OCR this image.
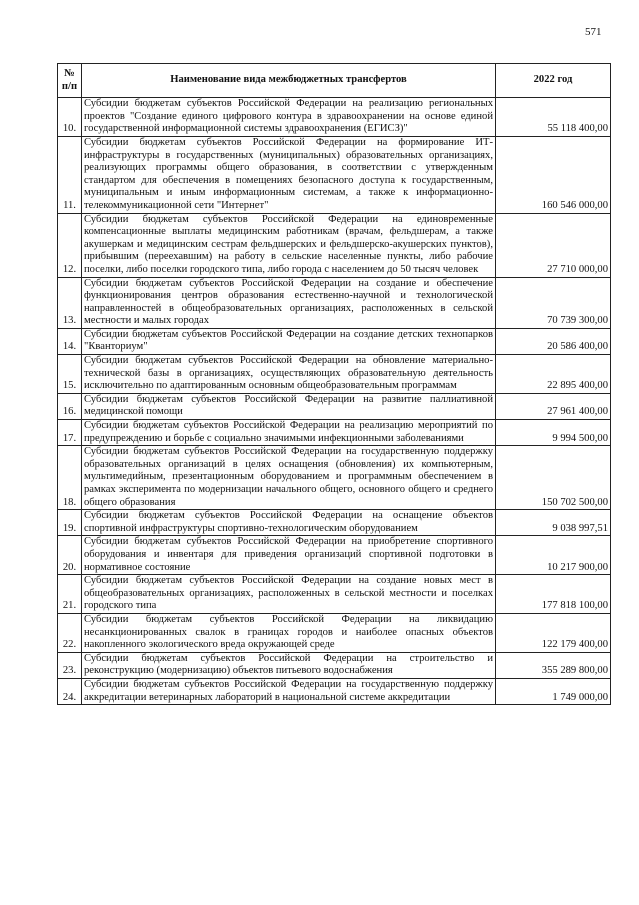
571
№ п/п	Наименование вида межбюджетных трансфертов	2022 год
10.	Субсидии бюджетам субъектов Российской Федерации на реализацию региональных проектов "Создание единого цифрового контура в здравоохранении на основе единой государственной информационной системы здравоохранения (ЕГИСЗ)"	55 118 400,00
11.	Субсидии бюджетам субъектов Российской Федерации на формирование ИТ-инфраструктуры в государственных (муниципальных) образовательных организациях, реализующих программы общего образования, в соответствии с утвержденным стандартом для обеспечения в помещениях безопасного доступа к государственным, муниципальным и иным информационным системам, а также к информационно-телекоммуникационной сети "Интернет"	160 546 000,00
12.	Субсидии бюджетам субъектов Российской Федерации на единовременные компенсационные выплаты медицинским работникам (врачам, фельдшерам, а также акушеркам и медицинским сестрам фельдшерских и фельдшерско-акушерских пунктов), прибывшим (переехавшим) на работу в сельские населенные пункты, либо рабочие поселки, либо поселки городского типа, либо города с населением до 50 тысяч человек	27 710 000,00
13.	Субсидии бюджетам субъектов Российской Федерации на создание и обеспечение функционирования центров образования естественно-научной и технологической направленностей в общеобразовательных организациях, расположенных в сельской местности и малых городах	70 739 300,00
14.	Субсидии бюджетам субъектов Российской Федерации на создание детских технопарков "Кванториум"	20 586 400,00
15.	Субсидии бюджетам субъектов Российской Федерации на обновление материально-технической базы в организациях, осуществляющих образовательную деятельность исключительно по адаптированным основным общеобразовательным программам	22 895 400,00
16.	Субсидии бюджетам субъектов Российской Федерации на развитие паллиативной медицинской помощи	27 961 400,00
17.	Субсидии бюджетам субъектов Российской Федерации на реализацию мероприятий по предупреждению и борьбе с социально значимыми инфекционными заболеваниями	9 994 500,00
18.	Субсидии бюджетам субъектов Российской Федерации на государственную поддержку образовательных организаций в целях оснащения (обновления) их компьютерным, мультимедийным, презентационным оборудованием и программным обеспечением в рамках эксперимента по модернизации начального общего, основного общего и среднего общего образования	150 702 500,00
19.	Субсидии бюджетам субъектов Российской Федерации на оснащение объектов спортивной инфраструктуры спортивно-технологическим оборудованием	9 038 997,51
20.	Субсидии бюджетам субъектов Российской Федерации на приобретение спортивного оборудования и инвентаря для приведения организаций спортивной подготовки в нормативное состояние	10 217 900,00
21.	Субсидии бюджетам субъектов Российской Федерации на создание новых мест в общеобразовательных организациях, расположенных в сельской местности и поселках городского типа	177 818 100,00
22.	Субсидии бюджетам субъектов Российской Федерации на ликвидацию несанкционированных свалок в границах городов и наиболее опасных объектов накопленного экологического вреда окружающей среде	122 179 400,00
23.	Субсидии бюджетам субъектов Российской Федерации на строительство и реконструкцию (модернизацию) объектов питьевого водоснабжения	355 289 800,00
24.	Субсидии бюджетам субъектов Российской Федерации на государственную поддержку аккредитации ветеринарных лабораторий в национальной системе аккредитации	1 749 000,00
